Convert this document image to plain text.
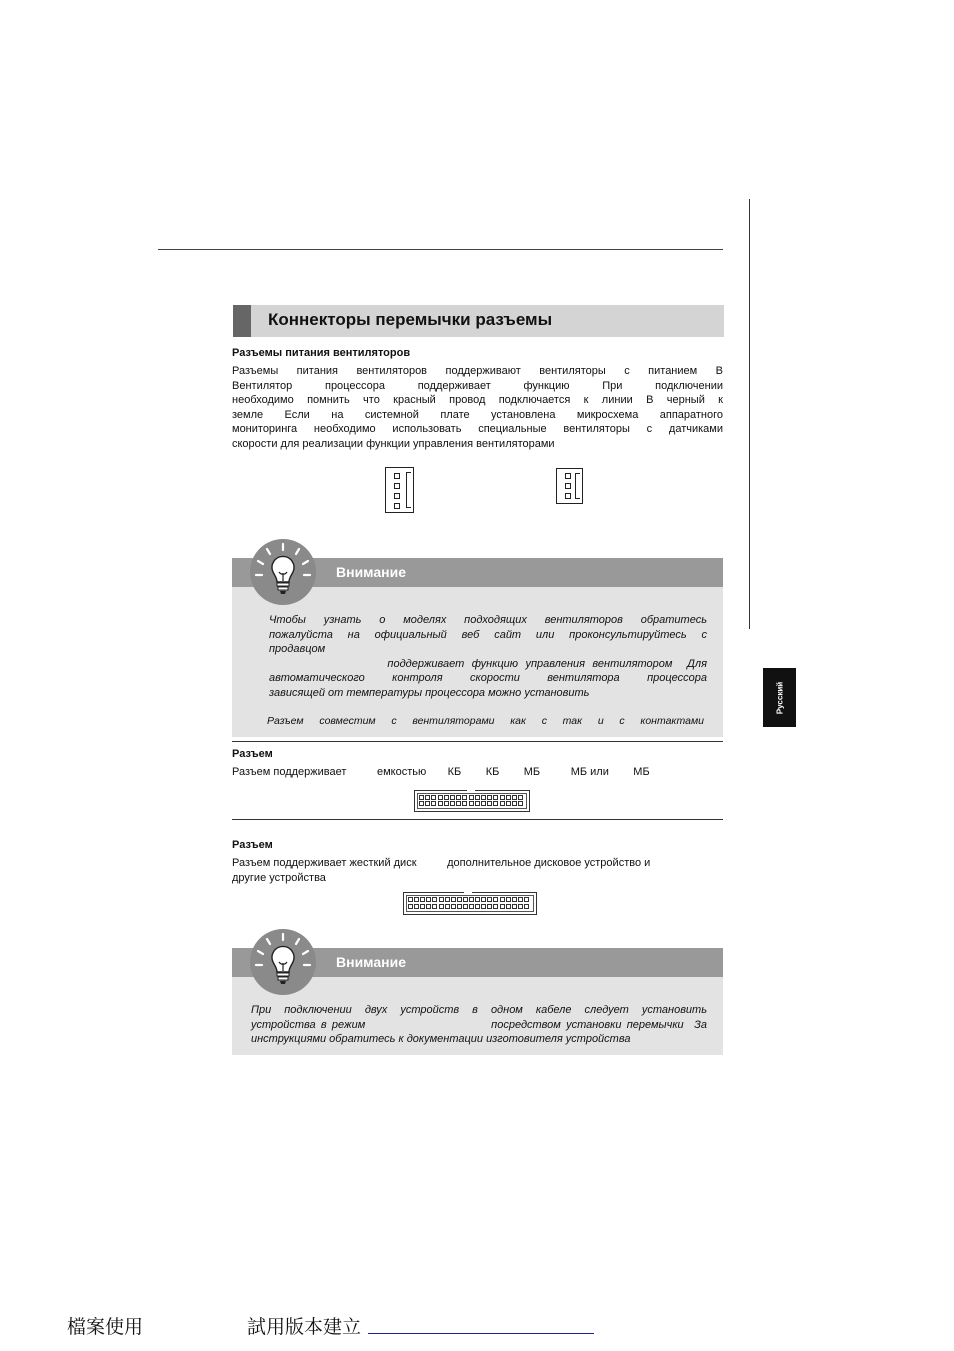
Русский
Коннекторы перемычки разъемы
Разъемы питания вентиляторов
Разъемы питания вентиляторов поддерживают вентиляторы с питанием В
Вентилятор процессора поддерживает функцию При подключении
необходимо помнить что красный провод подключается к линии В черный к
земле Если на системной плате установлена микросхема аппаратного
мониторинга необходимо использовать специальные вентиляторы с датчиками
скорости для реализации функции управления вентиляторами
Внимание
Чтобы узнать о моделях подходящих вентиляторов обратитесь
пожалуйста на официальный веб сайт или проконсультируйтесь с
продавцом
поддерживает функцию управления вентилятором  Для
автоматического контроля скорости вентилятора процессора
зависящей от температуры процессора можно установить
Разъем совместим с вентиляторами как с так и с контактами
Разъем
Разъем поддерживает          емкостью       КБ        КБ        МБ          МБ или        МБ
Разъем
Разъем поддерживает жесткий диск          дополнительное дисковое устройство и
другие устройства
Внимание
При подключении двух устройств в одном кабеле следует установить
устройства в режим                        посредством установки перемычки  За
инструкциями обратитесь к документации изготовителя устройства
檔案使用	試用版本建立
